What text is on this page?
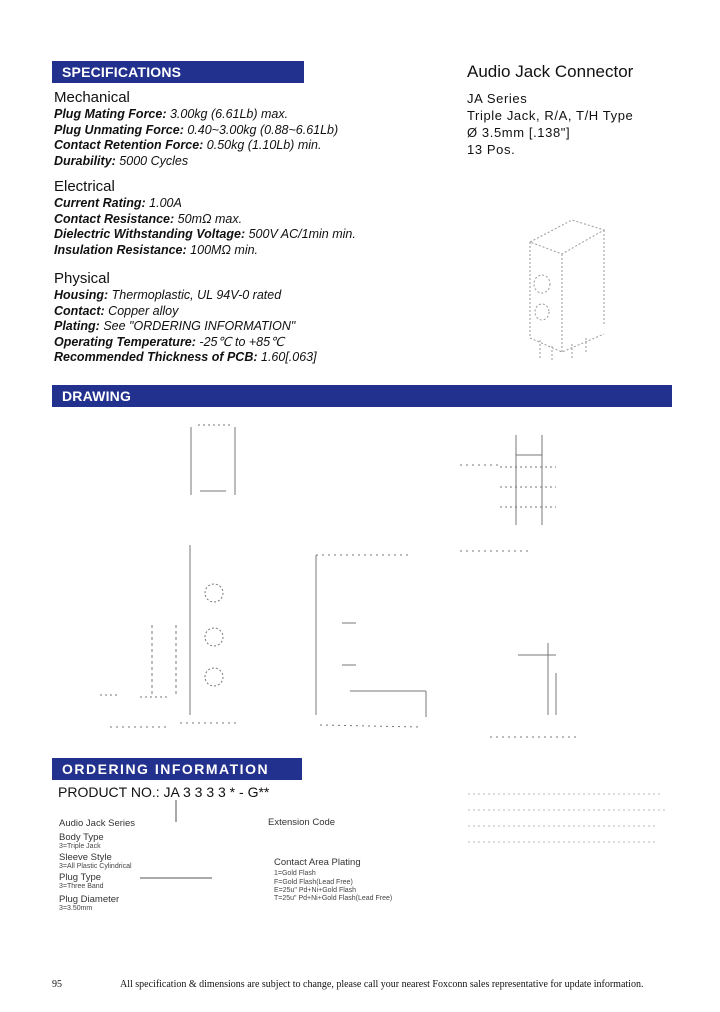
SPECIFICATIONS	Audio Jack Connector
JA Series
Triple Jack, R/A, T/H Type
Ø 3.5mm [.138"]
13 Pos.
Mechanical
Plug Mating Force: 3.00kg (6.61Lb) max.
Plug Unmating Force: 0.40~3.00kg (0.88~6.61Lb)
Contact Retention Force: 0.50kg (1.10Lb) min.
Durability: 5000 Cycles
Electrical
Current Rating: 1.00A
Contact Resistance: 50mΩ max.
Dielectric Withstanding Voltage: 500V AC/1min min.
Insulation Resistance: 100MΩ min.
Physical
Housing: Thermoplastic, UL 94V-0 rated
Contact: Copper alloy
Plating: See "ORDERING INFORMATION"
Operating Temperature: -25℃ to +85℃
Recommended Thickness of PCB: 1.60[.063]
DRAWING
ORDERING INFORMATION
PRODUCT NO.: JA 3 3 3 3 * - G**
Audio Jack Series
Body Type
3=Triple Jack
Sleeve Style
3=All Plastic Cylindrical
Plug Type
3=Three Band
Plug Diameter
3=3.50mm
Extension Code
Contact Area Plating
1=Gold Flash
F=Gold Flash(Lead Free)
E=25u" Pd+Ni+Gold Flash
T=25u" Pd+Ni+Gold Flash(Lead Free)
95	All specification & dimensions are subject to change, please call your nearest Foxconn sales representative for update information.
